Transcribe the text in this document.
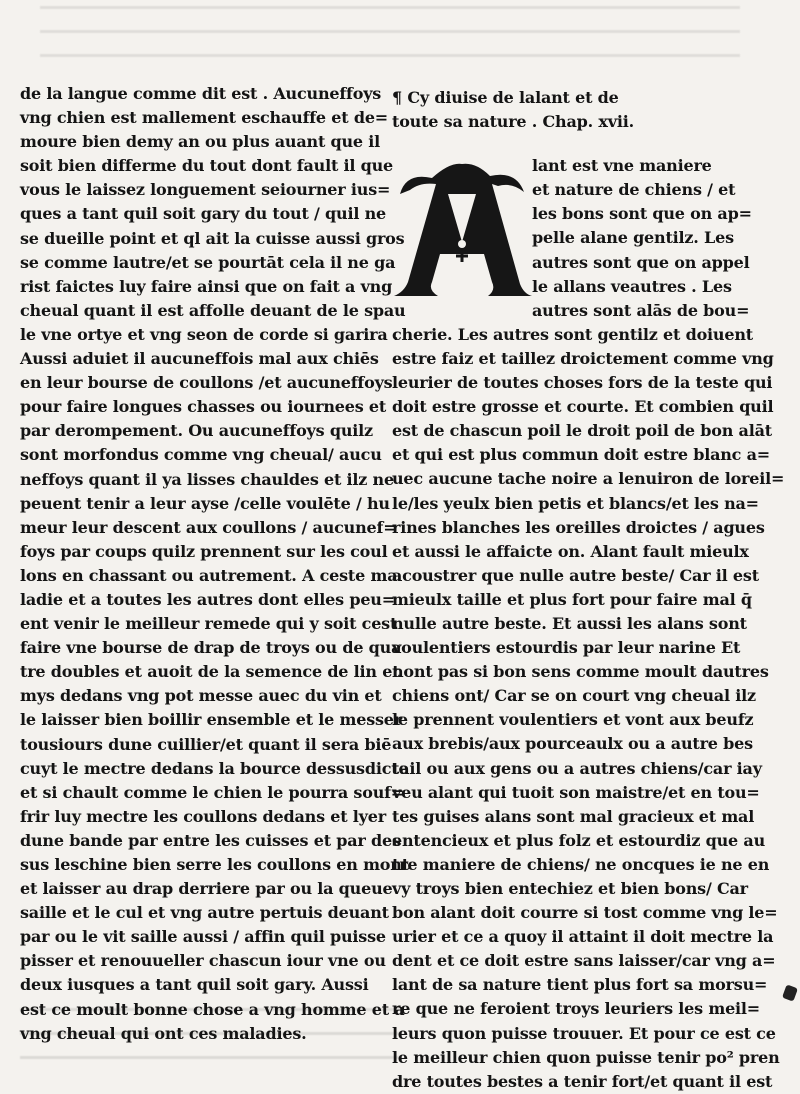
de la langue comme dit est . Aucuneffoys
vng chien est mallement eschauffe et de=
moure bien demy an ou plus auant que il
soit bien differme du tout dont fault il que
vous le laissez longuement seiourner ius=
ques a tant quil soit gary du tout / quil ne
se dueille point et ql ait la cuisse aussi gros
se comme lautre/et se pourtāt cela il ne ga
rist faictes luy faire ainsi que on fait a vng
cheual quant il est affolle deuant de le spau
le vne ortye et vng seon de corde si garira .
Aussi aduiet il aucuneffois mal aux chiēs
en leur bourse de coullons /et aucuneffoys
pour faire longues chasses ou iournees et
par derompement. Ou aucuneffoys quilz
sont morfondus comme vng cheual/ aucu
neffoys quant il ya lisses chauldes et ilz ne
peuent tenir a leur ayse /celle voulēte / hu
meur leur descent aux coullons / aucunef=
foys par coups quilz prennent sur les coul
lons en chassant ou autrement. A ceste ma
ladie et a toutes les autres dont elles peu=
ent venir le meilleur remede qui y soit cest
faire vne bourse de drap de troys ou de qua
tre doubles et auoit de la semence de lin et
mys dedans vng pot messe auec du vin et
le laisser bien boillir ensemble et le messer
tousiours dune cuillier/et quant il sera biē
cuyt le mectre dedans la bource dessusdicte
et si chault comme le chien le pourra souf=
frir luy mectre les coullons dedans et lyer
dune bande par entre les cuisses et par des
sus leschine bien serre les coullons en mont
et laisser au drap derriere par ou la queue
saille et le cul et vng autre pertuis deuant
par ou le vit saille aussi / affin quil puisse
pisser et renouueller chascun iour vne ou
deux iusques a tant quil soit gary. Aussi
est ce moult bonne chose a vng homme et a
vng cheual qui ont ces maladies.
¶ Cy diuise de lalant et de
toute sa nature . Chap. xvii.
lant est vne maniere
et nature de chiens / et
les bons sont que on ap=
pelle alane gentilz. Les
autres sont que on appel
le allans veautres . Les
autres sont alās de bou=
cherie. Les autres sont gentilz et doiuent
estre faiz et taillez droictement comme vng
leurier de toutes choses fors de la teste qui
doit estre grosse et courte. Et combien quil
est de chascun poil le droit poil de bon alāt
et qui est plus commun doit estre blanc a=
uec aucune tache noire a lenuiron de loreil=
le/les yeulx bien petis et blancs/et les na=
rines blanches les oreilles droictes / agues
et aussi le affaicte on. Alant fault mieulx
acoustrer que nulle autre beste/ Car il est
mieulx taille et plus fort pour faire mal q̄
nulle autre beste. Et aussi les alans sont
voulentiers estourdis par leur narine Et
nont pas si bon sens comme moult dautres
chiens ont/ Car se on court vng cheual ilz
le prennent voulentiers et vont aux beufz
aux brebis/aux pourceaulx ou a autre bes
tail ou aux gens ou a autres chiens/car iay
veu alant qui tuoit son maistre/et en tou=
tes guises alans sont mal gracieux et mal
entencieux et plus folz et estourdiz que au
tre maniere de chiens/ ne oncques ie ne en
vy troys bien entechiez et bien bons/ Car
bon alant doit courre si tost comme vng le=
urier et ce a quoy il attaint il doit mectre la
dent et ce doit estre sans laisser/car vng a=
lant de sa nature tient plus fort sa morsu=
re que ne feroient troys leuriers les meil=
leurs quon puisse trouuer. Et pour ce est ce
le meilleur chien quon puisse tenir po² pren
dre toutes bestes a tenir fort/et quant il est
